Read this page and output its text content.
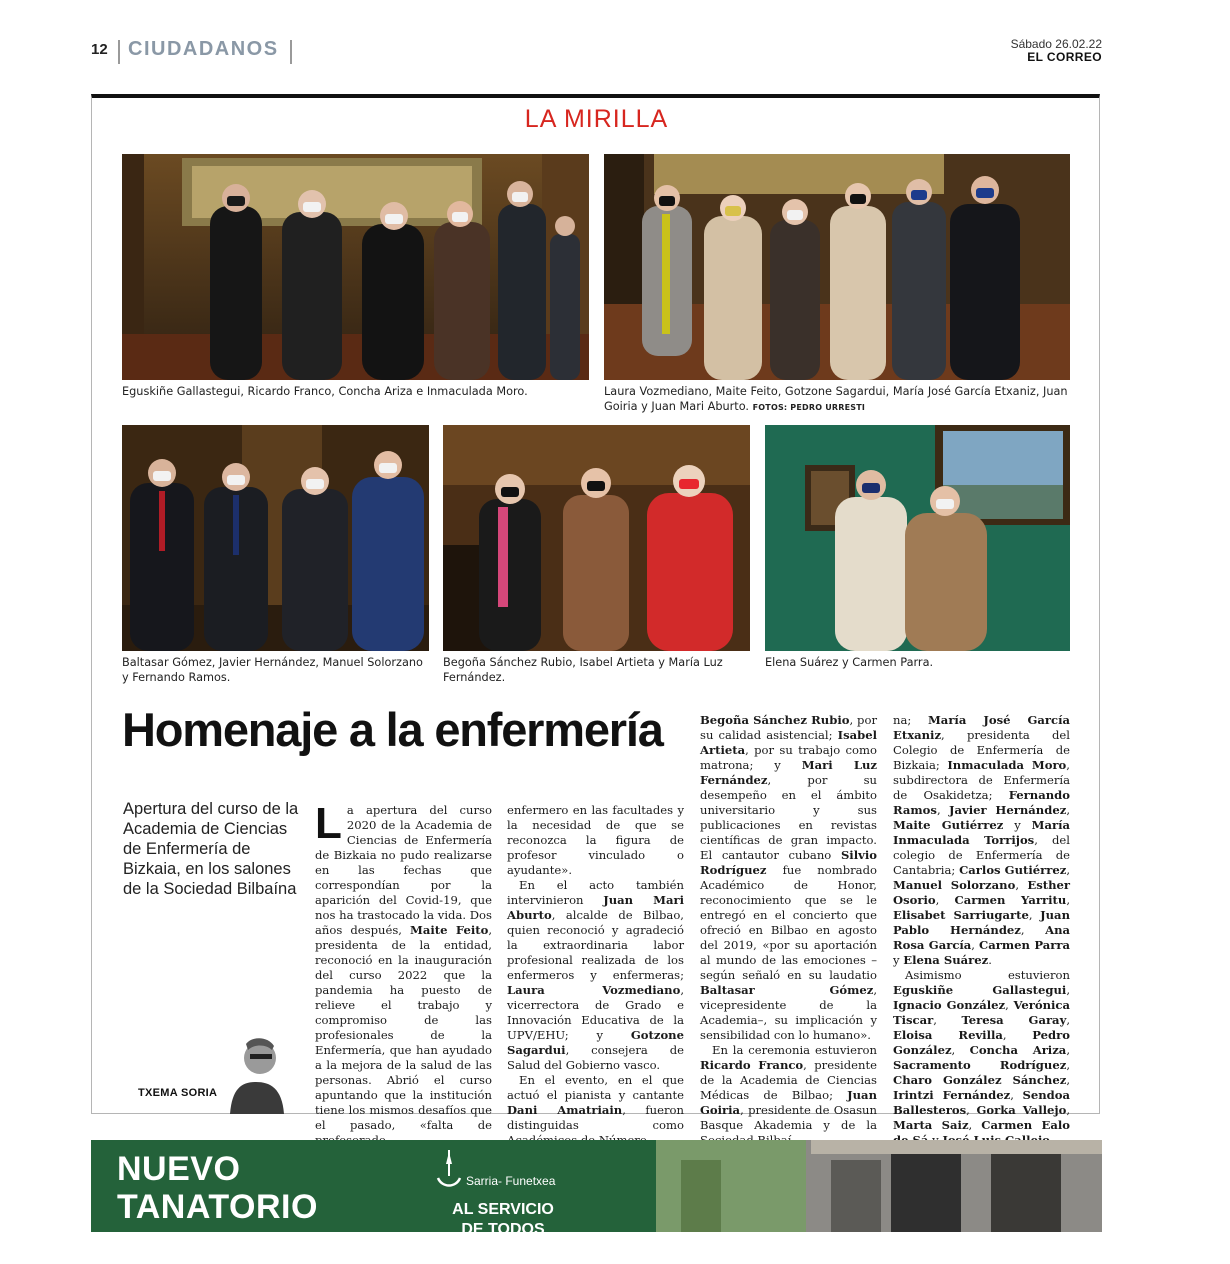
12 CIUDADANOS	Sábado 26.02.22
EL CORREO
LA MIRILLA
Eguskiñe Gallastegui, Ricardo Franco, Concha Ariza e Inmaculada Moro.	Laura Vozmediano, Maite Feito, Gotzone Sagardui, María José García Etxaniz, Juan Goiria y Juan Mari Aburto. FOTOS: PEDRO URRESTI
Baltasar Gómez, Javier Hernández, Manuel Solorzano y Fernando Ramos.
Begoña Sánchez Rubio, Isabel Artieta y María Luz Fernández.
Elena Suárez y Carmen Parra.
Homenaje a la enfermería
Apertura del curso de la Academia de Ciencias de Enfermería de Bizkaia, en los salones de la Sociedad Bilbaína
TXEMA SORIA

La apertura del curso 2020 de la Academia de Ciencias de Enfermería de Bizkaia no pudo realizarse en las fechas que correspondían por la aparición del Covid-19, que nos ha trastocado la vida. Dos años después, Maite Feito, presidenta de la entidad, reconoció en la inauguración del curso 2022 que la pandemia ha puesto de relieve el trabajo y compromiso de las profesionales de la Enfermería, que han ayudado a la mejora de la salud de las personas. Abrió el curso apuntando que la institución tiene los mismos desafíos que el pasado, «falta de

enfermero en las facultades y la necesidad de que se reconozca la figura de profesor vinculado o ayudante».

En el acto también intervinieron Juan Mari Aburto, alcalde de Bilbao, quien reconoció y agradeció la extraordinaria labor profesional realizada de los enfermeros y enfermeras; Laura Vozmediano, vicerrectora de Grado e Innovación Educativa de la UPV/EHU; y Gotzone Sagardui, consejera de Salud del Gobierno vasco.

En el evento, en el que actuó el pianista y cantante Dani Amatriain, fueron distinguidas como

Begoña Sánchez Rubio, por su calidad asistencial; Isabel Artieta, por su trabajo como matrona; y Mari Luz Fernández, por su desempeño en el ámbito universitario y sus publicaciones en revistas científicas de gran impacto. El cantautor cubano Silvio Rodríguez fue nombrado Académico de Honor, reconocimiento que se le entregó en el concierto que ofreció en Bilbao en agosto del 2019, «por su aportación al mundo de las emociones –según señaló en su laudatio Baltasar Gómez, vicepresidente de la Academia–, su implicación y sensibilidad con lo humano».

En la ceremonia estuvieron Ricardo Franco, presidente de la Academia de Ciencias Médicas de Bilbao; Juan Goiria, presidente de Osasun Basque Akademia y de la

na; María José García Etxaniz, presidenta del Colegio de Enfermería de Bizkaia; Inmaculada Moro, subdirectora de Enfermería de Osakidetza; Fernando Ramos, Javier Hernández, Maite Gutiérrez y María Inmaculada Torrijos, del colegio de Enfermería de Cantabria; Carlos Gutiérrez, Manuel Solorzano, Esther Osorio, Carmen Yarritu, Elisabet Sarriugarte, Juan Pablo Hernández, Ana Rosa García, Carmen Parra y Elena Suárez.

Asimismo estuvieron Eguskiñe Gallastegui, Ignacio González, Verónica Tiscar, Teresa Garay, Eloisa Revilla, Pedro González, Concha Ariza, Sacramento Rodríguez, Charo González Sánchez, Irintzi Fernández, Sendoa Ballesteros, Gorka Vallejo, Marta Saiz, Carmen Ealo

NUEVO
TANATORIO
SARRIA
Sarria- Funetxea
AL SERVICIO
DE TODOS
